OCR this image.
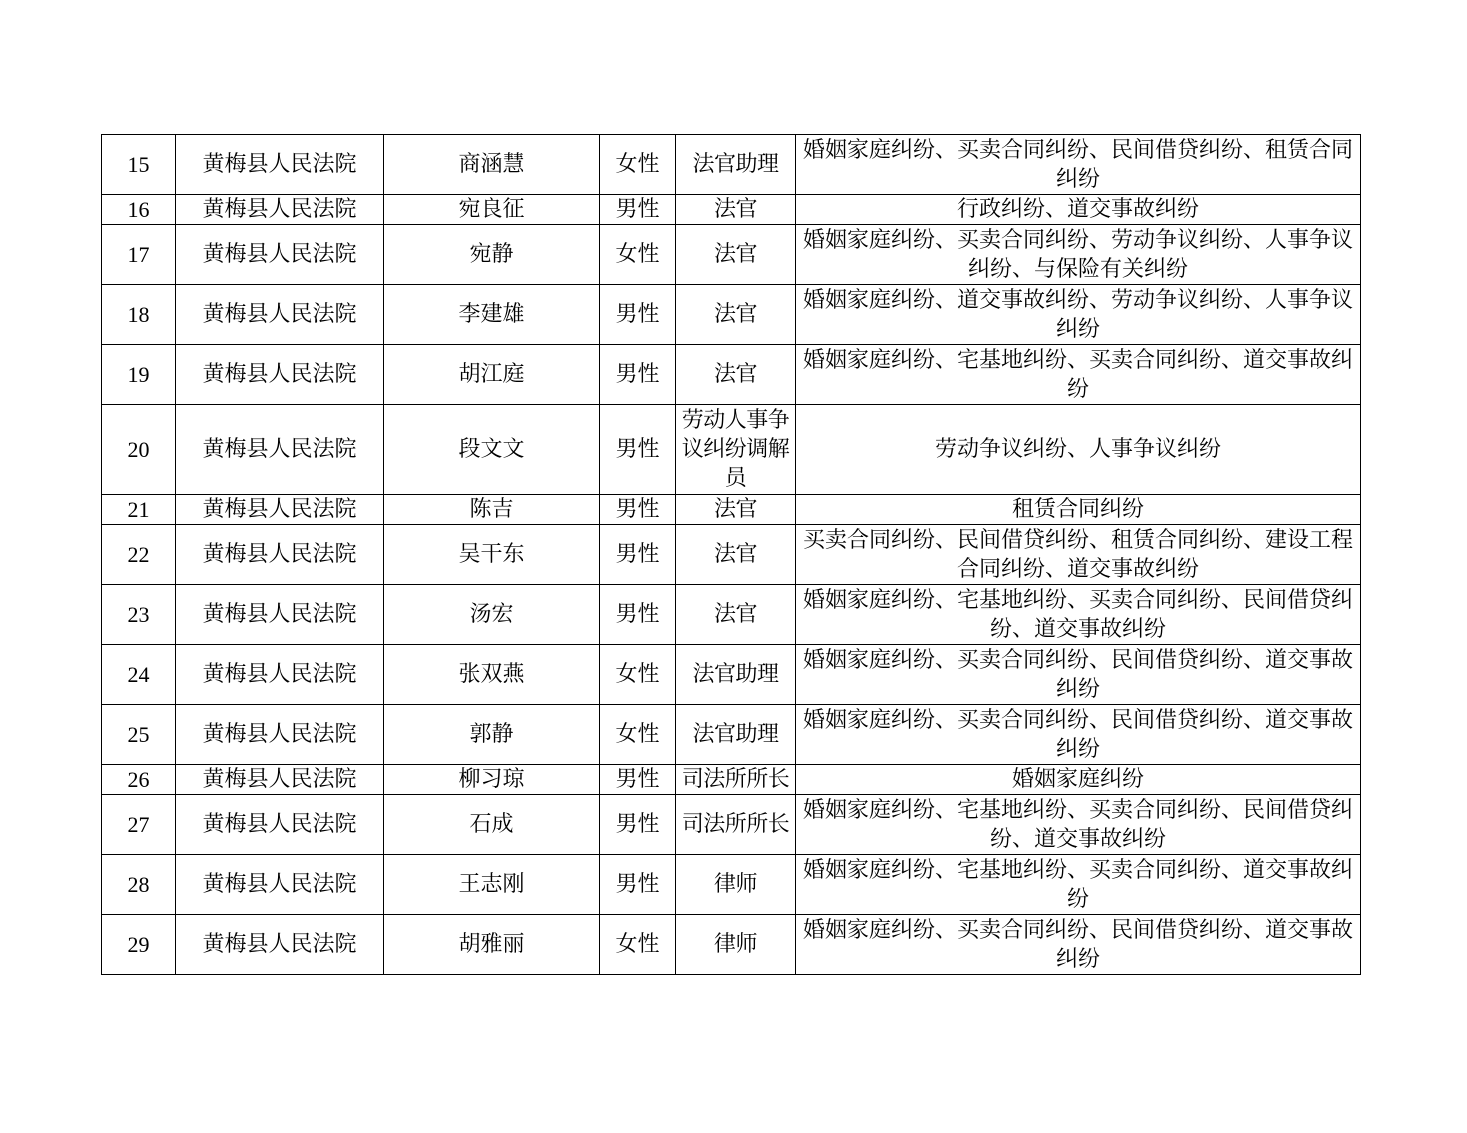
15	黄梅县人民法院	商涵慧	女性	法官助理	婚姻家庭纠纷、买卖合同纠纷、民间借贷纠纷、租赁合同纠纷
16	黄梅县人民法院	宛良征	男性	法官	行政纠纷、道交事故纠纷
17	黄梅县人民法院	宛静	女性	法官	婚姻家庭纠纷、买卖合同纠纷、劳动争议纠纷、人事争议纠纷、与保险有关纠纷
18	黄梅县人民法院	李建雄	男性	法官	婚姻家庭纠纷、道交事故纠纷、劳动争议纠纷、人事争议纠纷
19	黄梅县人民法院	胡江庭	男性	法官	婚姻家庭纠纷、宅基地纠纷、买卖合同纠纷、道交事故纠纷
20	黄梅县人民法院	段文文	男性	劳动人事争议纠纷调解员	劳动争议纠纷、人事争议纠纷
21	黄梅县人民法院	陈吉	男性	法官	租赁合同纠纷
22	黄梅县人民法院	吴干东	男性	法官	买卖合同纠纷、民间借贷纠纷、租赁合同纠纷、建设工程合同纠纷、道交事故纠纷
23	黄梅县人民法院	汤宏	男性	法官	婚姻家庭纠纷、宅基地纠纷、买卖合同纠纷、民间借贷纠纷、道交事故纠纷
24	黄梅县人民法院	张双燕	女性	法官助理	婚姻家庭纠纷、买卖合同纠纷、民间借贷纠纷、道交事故纠纷
25	黄梅县人民法院	郭静	女性	法官助理	婚姻家庭纠纷、买卖合同纠纷、民间借贷纠纷、道交事故纠纷
26	黄梅县人民法院	柳习琼	男性	司法所所长	婚姻家庭纠纷
27	黄梅县人民法院	石成	男性	司法所所长	婚姻家庭纠纷、宅基地纠纷、买卖合同纠纷、民间借贷纠纷、道交事故纠纷
28	黄梅县人民法院	王志刚	男性	律师	婚姻家庭纠纷、宅基地纠纷、买卖合同纠纷、道交事故纠纷
29	黄梅县人民法院	胡雅丽	女性	律师	婚姻家庭纠纷、买卖合同纠纷、民间借贷纠纷、道交事故纠纷
